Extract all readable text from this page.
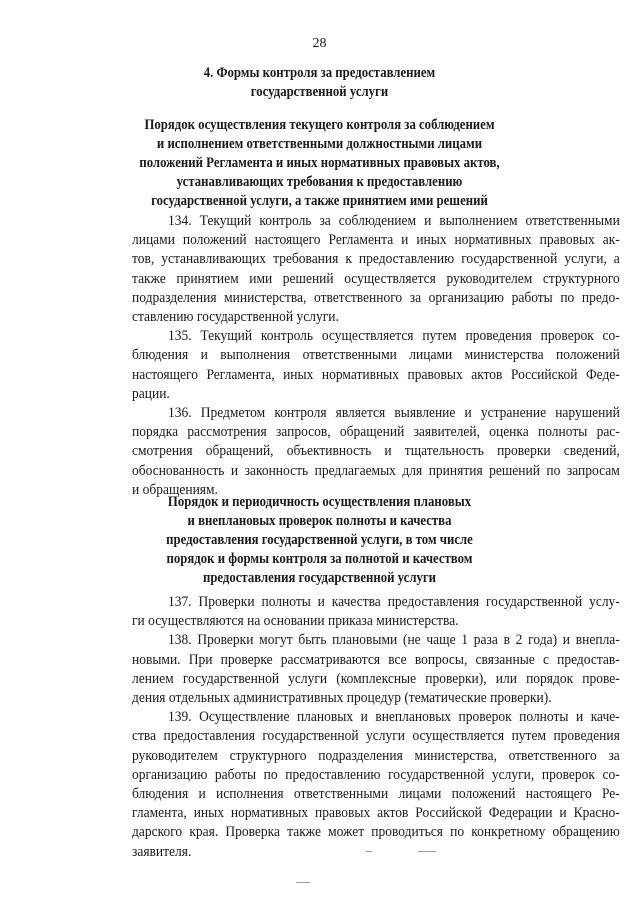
28
4. Формы контроля за предоставлением
государственной услуги
Порядок осуществления текущего контроля за соблюдением
и исполнением ответственными должностными лицами
положений Регламента и иных нормативных правовых актов,
устанавливающих требования к предоставлению
государственной услуги, а также принятием ими решений
134. Текущий контроль за соблюдением и выполнением ответственными
лицами положений настоящего Регламента и иных нормативных правовых ак-
тов, устанавливающих требования к предоставлению государственной услуги, а
также принятием ими решений осуществляется руководителем структурного
подразделения министерства, ответственного за организацию работы по предо-
ставлению государственной услуги.
135. Текущий контроль осуществляется путем проведения проверок со-
блюдения и выполнения ответственными лицами министерства положений
настоящего Регламента, иных нормативных правовых актов Российской Феде-
рации.
136. Предметом контроля является выявление и устранение нарушений
порядка рассмотрения запросов, обращений заявителей, оценка полноты рас-
смотрения обращений, объективность и тщательность проверки сведений,
обоснованность и законность предлагаемых для принятия решений по запросам
и обращениям.
Порядок и периодичность осуществления плановых
и внеплановых проверок полноты и качества
предоставления государственной услуги, в том числе
порядок и формы контроля за полнотой и качеством
предоставления государственной услуги
137. Проверки полноты и качества предоставления государственной услу-
ги осуществляются на основании приказа министерства.
138. Проверки могут быть плановыми (не чаще 1 раза в 2 года) и внепла-
новыми. При проверке рассматриваются все вопросы, связанные с предостав-
лением государственной услуги (комплексные проверки), или порядок прове-
дения отдельных административных процедур (тематические проверки).
139. Осуществление плановых и внеплановых проверок полноты и каче-
ства предоставления государственной услуги осуществляется путем проведения
руководителем структурного подразделения министерства, ответственного за
организацию работы по предоставлению государственной услуги, проверок со-
блюдения и исполнения ответственными лицами положений настоящего Ре-
гламента, иных нормативных правовых актов Российской Федерации и Красно-
дарского края. Проверка также может проводиться по конкретному обращению
заявителя.
